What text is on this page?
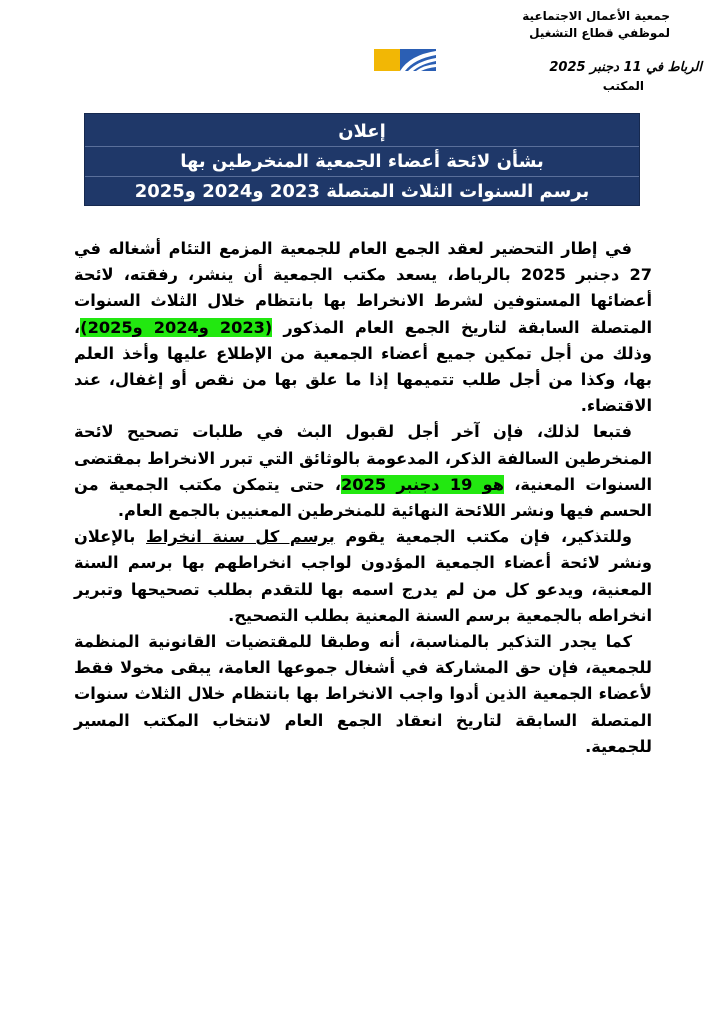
جمعية الأعمال الاجتماعية
لموظفي قطاع التشغيل
الرباط في 11 دجنبر 2025
المكتب
إعلان
بشأن لائحة أعضاء الجمعية المنخرطين بها
برسم السنوات الثلاث المتصلة 2023 و2024 و2025

في إطار التحضير لعقد الجمع العام للجمعية المزمع التئام أشغاله في 27 دجنبر 2025 بالرباط، يسعد مكتب الجمعية أن ينشر، رفقته، لائحة أعضائها المستوفين لشرط الانخراط بها بانتظام خلال الثلاث السنوات المتصلة السابقة لتاريخ الجمع العام المذكور (2023 و2024 و2025)، وذلك من أجل تمكين جميع أعضاء الجمعية من الإطلاع عليها وأخذ العلم بها، وكذا من أجل طلب تتميمها إذا ما علق بها من نقص أو إغفال، عند الاقتضاء.

فتبعا لذلك، فإن آخر أجل لقبول البث في طلبات تصحيح لائحة المنخرطين السالفة الذكر، المدعومة بالوثائق التي تبرر الانخراط بمقتضى السنوات المعنية، هو 19 دجنبر 2025، حتى يتمكن مكتب الجمعية من الحسم فيها ونشر اللائحة النهائية للمنخرطين المعنيين بالجمع العام.

وللتذكير، فإن مكتب الجمعية يقوم برسم كل سنة انخراط بالإعلان ونشر لائحة أعضاء الجمعية المؤدون لواجب انخراطهم بها برسم السنة المعنية، ويدعو كل من لم يدرج اسمه بها للتقدم بطلب تصحيحها وتبرير انخراطه بالجمعية برسم السنة المعنية بطلب التصحيح.

كما يجدر التذكير بالمناسبة، أنه وطبقا للمقتضيات القانونية المنظمة للجمعية، فإن حق المشاركة في أشغال جموعها العامة، يبقى مخولا فقط لأعضاء الجمعية الذين أدوا واجب الانخراط بها بانتظام خلال الثلاث سنوات المتصلة السابقة لتاريخ انعقاد الجمع العام لانتخاب المكتب المسير للجمعية.
